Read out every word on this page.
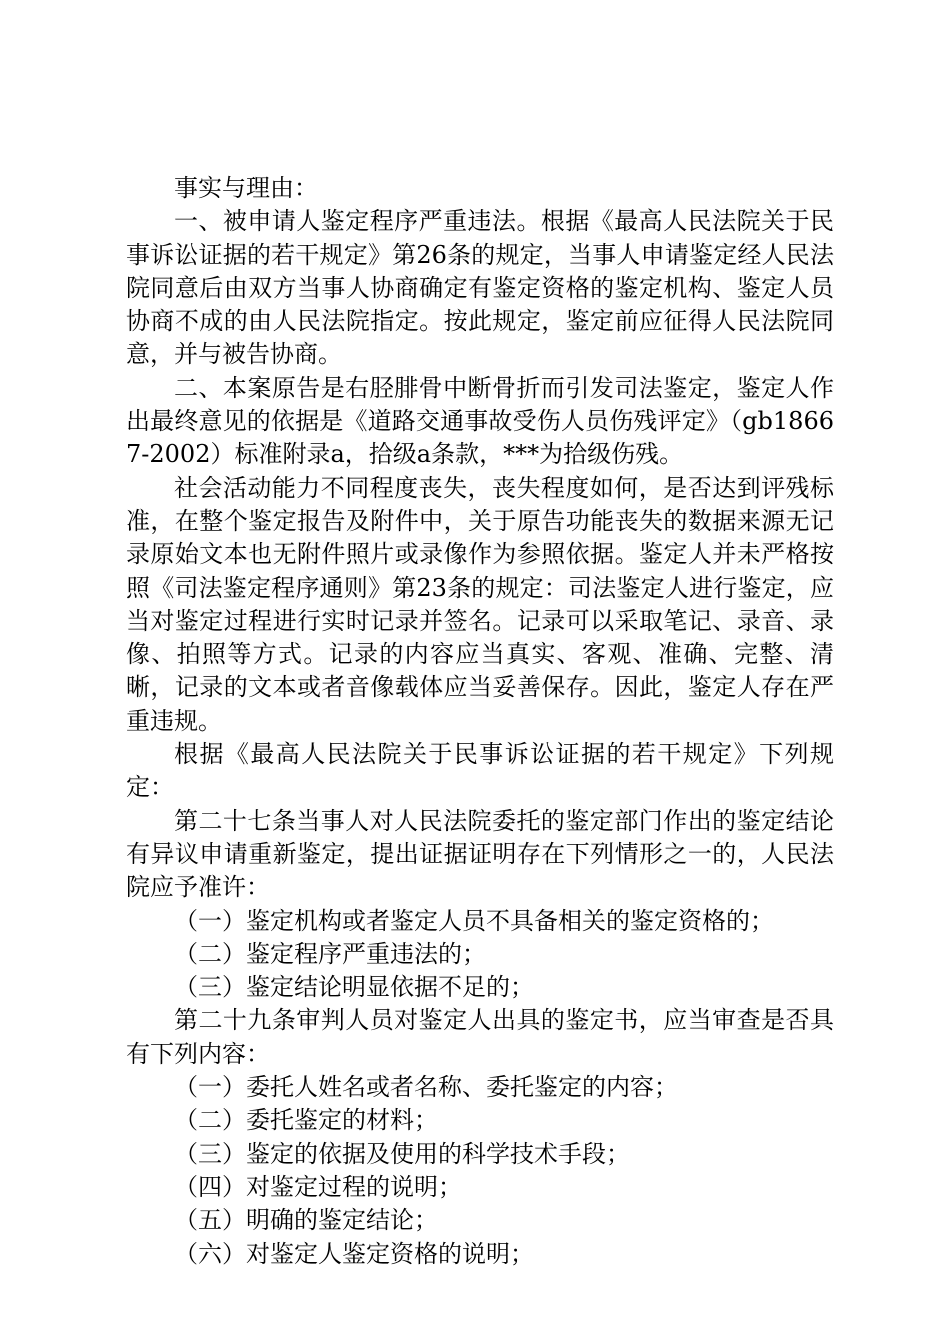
事实与理由：

一、被申请人鉴定程序严重违法。根据《最高人民法院关于民事诉讼证据的若干规定》第26条的规定，当事人申请鉴定经人民法院同意后由双方当事人协商确定有鉴定资格的鉴定机构、鉴定人员协商不成的由人民法院指定。按此规定，鉴定前应征得人民法院同意，并与被告协商。

二、本案原告是右胫腓骨中断骨折而引发司法鉴定，鉴定人作出最终意见的依据是《道路交通事故受伤人员伤残评定》（gb18667-2002）标准附录a，拾级a条款，***为拾级伤残。

社会活动能力不同程度丧失，丧失程度如何，是否达到评残标准，在整个鉴定报告及附件中，关于原告功能丧失的数据来源无记录原始文本也无附件照片或录像作为参照依据。鉴定人并未严格按照《司法鉴定程序通则》第23条的规定：司法鉴定人进行鉴定，应当对鉴定过程进行实时记录并签名。记录可以采取笔记、录音、录像、拍照等方式。记录的内容应当真实、客观、准确、完整、清晰，记录的文本或者音像载体应当妥善保存。因此，鉴定人存在严重违规。

根据《最高人民法院关于民事诉讼证据的若干规定》下列规定：

第二十七条当事人对人民法院委托的鉴定部门作出的鉴定结论有异议申请重新鉴定，提出证据证明存在下列情形之一的，人民法院应予准许：

（一）鉴定机构或者鉴定人员不具备相关的鉴定资格的；

（二）鉴定程序严重违法的；

（三）鉴定结论明显依据不足的；

第二十九条审判人员对鉴定人出具的鉴定书，应当审查是否具有下列内容：

（一）委托人姓名或者名称、委托鉴定的内容；

（二）委托鉴定的材料；

（三）鉴定的依据及使用的科学技术手段；

（四）对鉴定过程的说明；

（五）明确的鉴定结论；

（六）对鉴定人鉴定资格的说明；
